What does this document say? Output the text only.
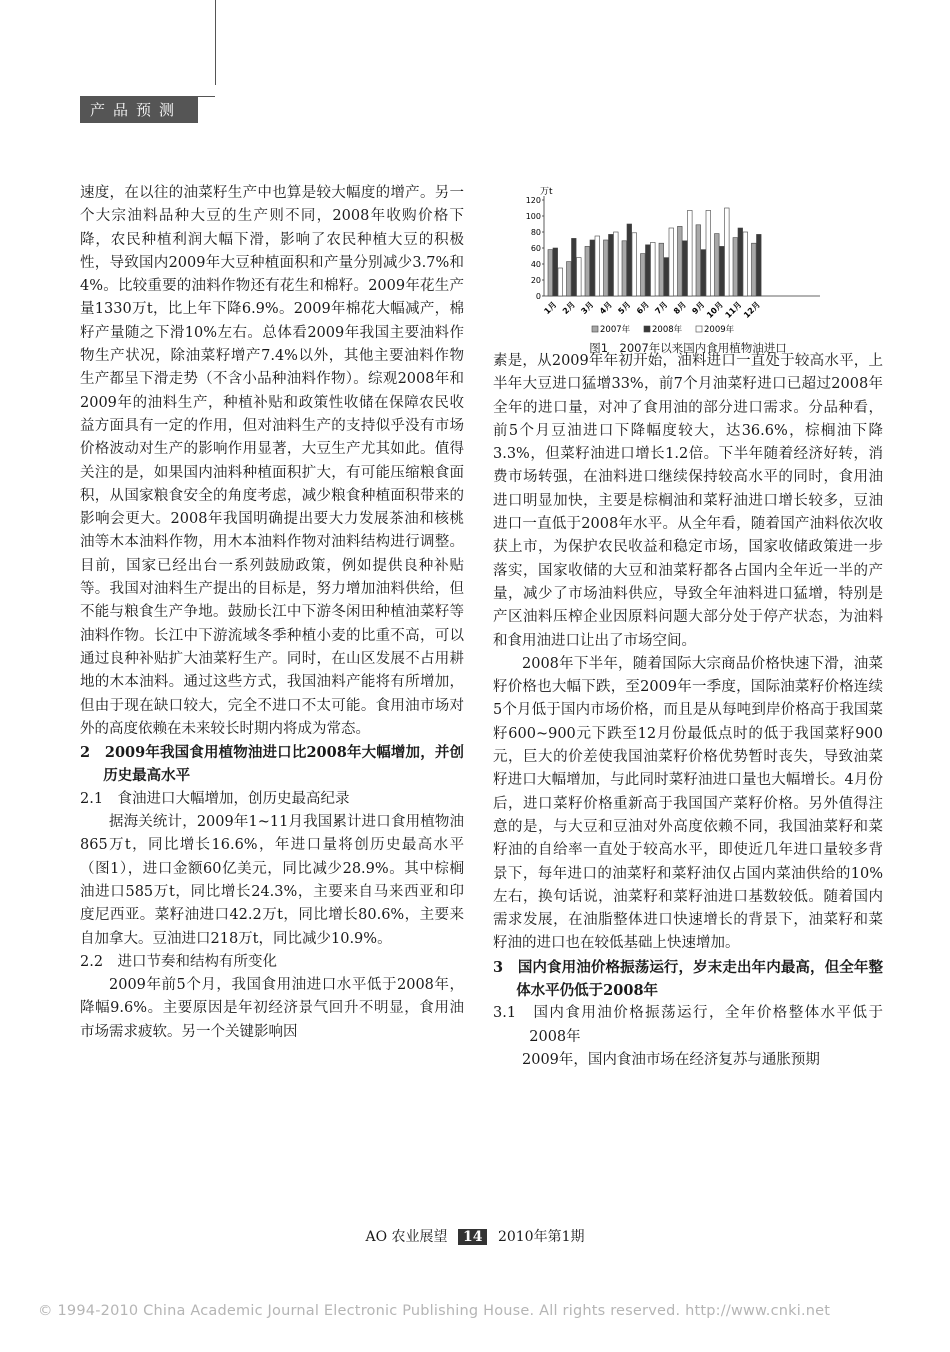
产品预测

速度，在以往的油菜籽生产中也算是较大幅度的增产。另一个大宗油料品种大豆的生产则不同，2008年收购价格下降，农民种植利润大幅下滑，影响了农民种植大豆的积极性，导致国内2009年大豆种植面积和产量分别减少3.7%和4%。比较重要的油料作物还有花生和棉籽。2009年花生产量1330万t，比上年下降6.9%。2009年棉花大幅减产，棉籽产量随之下滑10%左右。总体看2009年我国主要油料作物生产状况，除油菜籽增产7.4%以外，其他主要油料作物生产都呈下滑走势（不含小品种油料作物）。综观2008年和2009年的油料生产，种植补贴和政策性收储在保障农民收益方面具有一定的作用，但对油料生产的支持似乎没有市场价格波动对生产的影响作用显著，大豆生产尤其如此。值得关注的是，如果国内油料种植面积扩大，有可能压缩粮食面积，从国家粮食安全的角度考虑，减少粮食种植面积带来的影响会更大。2008年我国明确提出要大力发展茶油和核桃油等木本油料作物，用木本油料作物对油料结构进行调整。目前，国家已经出台一系列鼓励政策，例如提供良种补贴等。我国对油料生产提出的目标是，努力增加油料供给，但不能与粮食生产争地。鼓励长江中下游冬闲田种植油菜籽等油料作物。长江中下游流域冬季种植小麦的比重不高，可以通过良种补贴扩大油菜籽生产。同时，在山区发展不占用耕地的木本油料。通过这些方式，我国油料产能将有所增加，但由于现在缺口较大，完全不进口不太可能。食用油市场对外的高度依赖在未来较长时期内将成为常态。

2　2009年我国食用植物油进口比2008年大幅增加，并创历史最高水平

2.1　食油进口大幅增加，创历史最高纪录

据海关统计，2009年1~11月我国累计进口食用植物油865万t，同比增长16.6%，年进口量将创历史最高水平（图1），进口金额60亿美元，同比减少28.9%。其中棕榈油进口585万t，同比增长24.3%，主要来自马来西亚和印度尼西亚。菜籽油进口42.2万t，同比增长80.6%，主要来自加拿大。豆油进口218万t，同比减少10.9%。

2.2　进口节奏和结构有所变化

2009年前5个月，我国食用油进口水平低于2008年，降幅9.6%。主要原因是年初经济景气回升不明显，食用油市场需求疲软。另一个关键影响因

万t
0
20
40
60
80
100
120
1月 2月 3月 4月 5月 6月 7月 8月 9月
10月
11月
12月
2007年	2008年	2009年
图1　2007年以来国内食用植物油进口

素是，从2009年年初开始，油料进口一直处于较高水平，上半年大豆进口猛增33%，前7个月油菜籽进口已超过2008年全年的进口量，对冲了食用油的部分进口需求。分品种看，前5个月豆油进口下降幅度较大，达36.6%，棕榈油下降3.3%，但菜籽油进口增长1.2倍。下半年随着经济好转，消费市场转强，在油料进口继续保持较高水平的同时，食用油进口明显加快，主要是棕榈油和菜籽油进口增长较多，豆油进口一直低于2008年水平。从全年看，随着国产油料依次收获上市，为保护农民收益和稳定市场，国家收储政策进一步落实，国家收储的大豆和油菜籽都各占国内全年近一半的产量，减少了市场油料供应，导致全年油料进口猛增，特别是产区油料压榨企业因原料问题大部分处于停产状态，为油料和食用油进口让出了市场空间。

2008年下半年，随着国际大宗商品价格快速下滑，油菜籽价格也大幅下跌，至2009年一季度，国际油菜籽价格连续5个月低于国内市场价格，而且是从每吨到岸价格高于我国菜籽600~900元下跌至12月份最低点时的低于我国菜籽900元，巨大的价差使我国油菜籽价格优势暂时丧失，导致油菜籽进口大幅增加，与此同时菜籽油进口量也大幅增长。4月份后，进口菜籽价格重新高于我国国产菜籽价格。另外值得注意的是，与大豆和豆油对外高度依赖不同，我国油菜籽和菜籽油的自给率一直处于较高水平，即使近几年进口量较多背景下，每年进口的油菜籽和菜籽油仅占国内菜油供给的10%左右，换句话说，油菜籽和菜籽油进口基数较低。随着国内需求发展，在油脂整体进口快速增长的背景下，油菜籽和菜籽油的进口也在较低基础上快速增加。

3　国内食用油价格振荡运行，岁末走出年内最高，但全年整体水平仍低于2008年

3.1　国内食用油价格振荡运行，全年价格整体水平低于2008年

2009年，国内食油市场在经济复苏与通胀预期

AO 农业展望 14 2010年第1期
© 1994-2010 China Academic Journal Electronic Publishing House. All rights reserved. http://www.cnki.net
